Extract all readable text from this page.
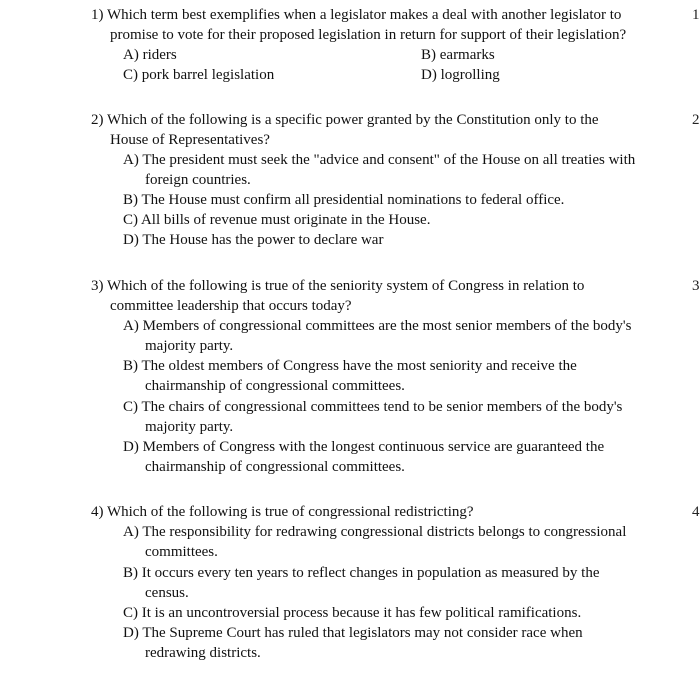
1) Which term best exemplifies when a legislator makes a deal with another legislator to
promise to vote for their proposed legislation in return for support of their legislation?
A) riders	B) earmarks
C) pork barrel legislation	D) logrolling
1
2) Which of the following is a specific power granted by the Constitution only to the
House of Representatives?
A) The president must seek the "advice and consent" of the House on all treaties with
foreign countries.
B) The House must confirm all presidential nominations to federal office.
C) All bills of revenue must originate in the House.
D) The House has the power to declare war
2
3) Which of the following is true of the seniority system of Congress in relation to
committee leadership that occurs today?
A) Members of congressional committees are the most senior members of the body's
majority party.
B) The oldest members of Congress have the most seniority and receive the
chairmanship of congressional committees.
C) The chairs of congressional committees tend to be senior members of the body's
majority party.
D) Members of Congress with the longest continuous service are guaranteed the
chairmanship of congressional committees.
3
4) Which of the following is true of congressional redistricting?
A) The responsibility for redrawing congressional districts belongs to congressional
committees.
B) It occurs every ten years to reflect changes in population as measured by the
census.
C) It is an uncontroversial process because it has few political ramifications.
D) The Supreme Court has ruled that legislators may not consider race when
redrawing districts.
4
